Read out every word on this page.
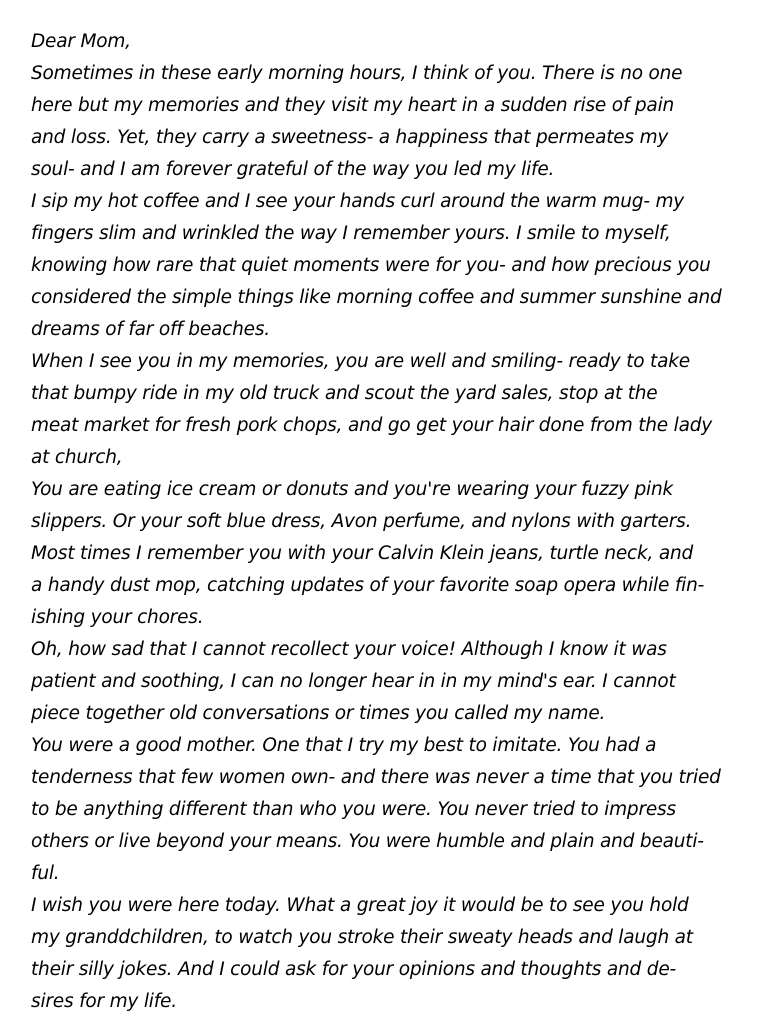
Dear Mom,
Sometimes in these early morning hours, I think of you. There is no one
here but my memories and they visit my heart in a sudden rise of pain
and loss. Yet, they carry a sweetness- a happiness that permeates my
soul- and I am forever grateful of the way you led my life.
I sip my hot coffee and I see your hands curl around the warm mug- my
fingers slim and wrinkled the way I remember yours. I smile to myself,
knowing how rare that quiet moments were for you- and how precious you
considered the simple things like morning coffee and summer sunshine and
dreams of far off beaches.
When I see you in my memories, you are well and smiling- ready to take
that bumpy ride in my old truck and scout the yard sales, stop at the
meat market for fresh pork chops, and go get your hair done from the lady
at church,
You are eating ice cream or donuts and you're wearing your fuzzy pink
slippers. Or your soft blue dress, Avon perfume, and nylons with garters.
Most times I remember you with your Calvin Klein jeans, turtle neck, and
a handy dust mop, catching updates of your favorite soap opera while fin-
ishing your chores.
Oh, how sad that I cannot recollect your voice! Although I know it was
patient and soothing, I can no longer hear in in my mind's ear. I cannot
piece together old conversations or times you called my name.
You were a good mother. One that I try my best to imitate. You had a
tenderness that few women own- and there was never a time that you tried
to be anything different than who you were. You never tried to impress
others or live beyond your means. You were humble and plain and beauti-
ful.
I wish you were here today. What a great joy it would be to see you hold
my granddchildren, to watch you stroke their sweaty heads and laugh at
their silly jokes. And I could ask for your opinions and thoughts and de-
sires for my life.
